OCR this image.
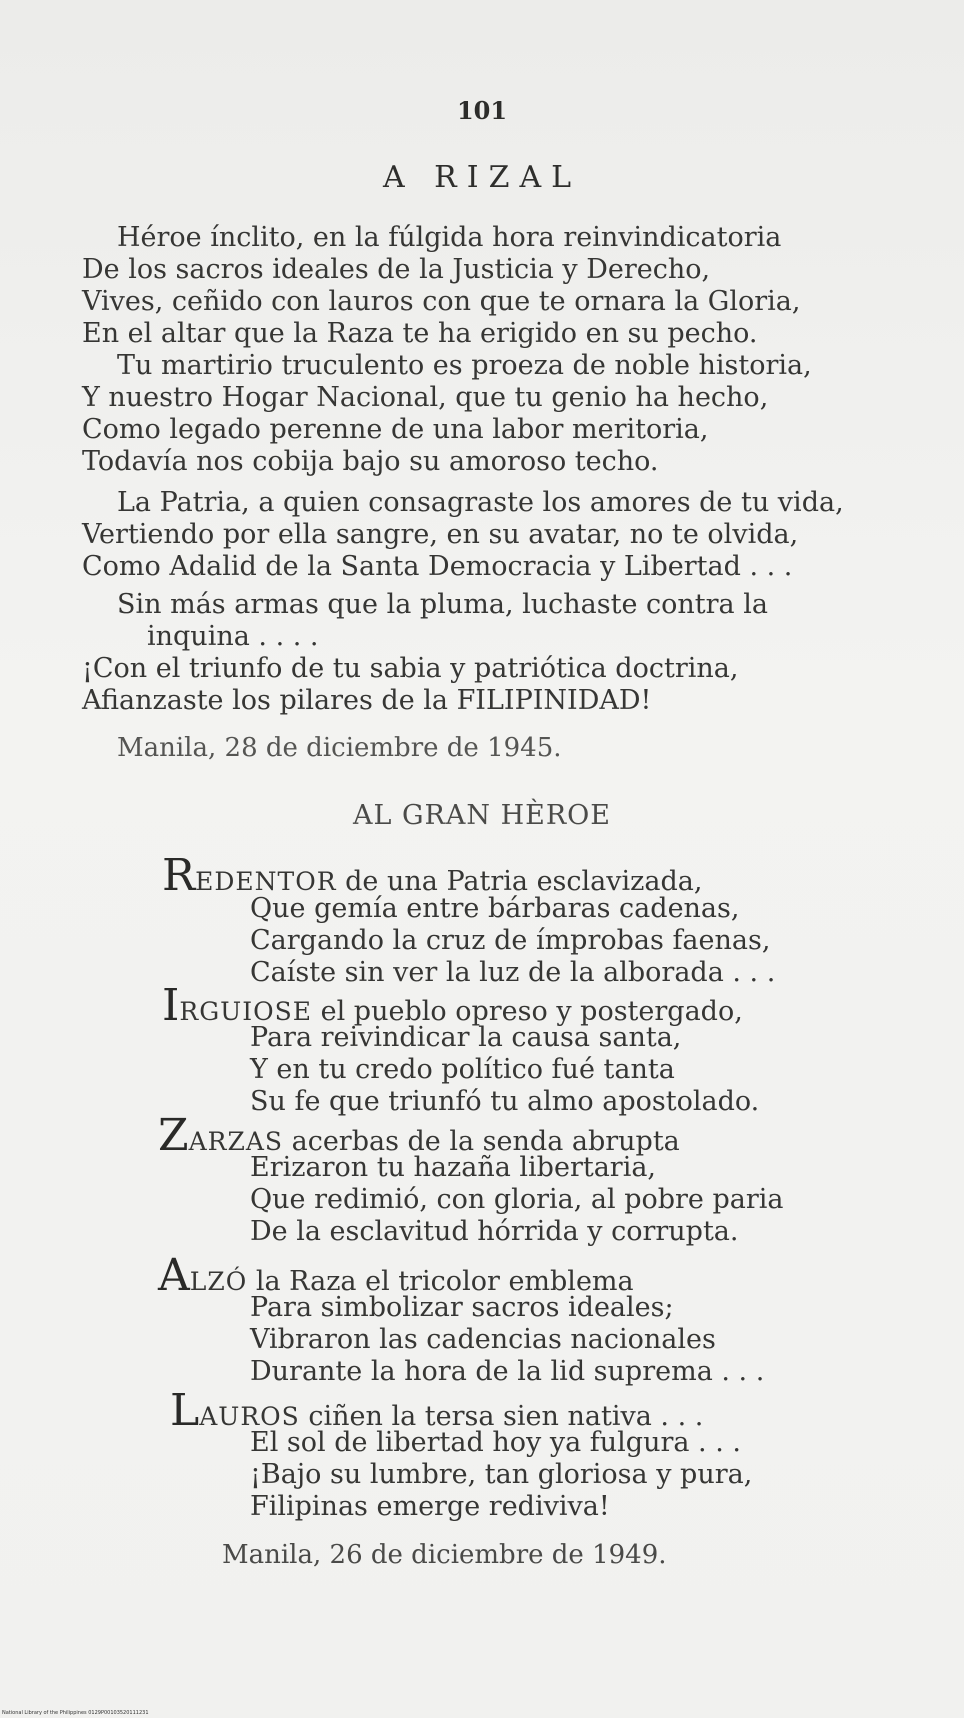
101
A RIZAL
Héroe ínclito, en la fúlgida hora reinvindicatoria
De los sacros ideales de la Justicia y Derecho,
Vives, ceñido con lauros con que te ornara la Gloria,
En el altar que la Raza te ha erigido en su pecho.
Tu martirio truculento es proeza de noble historia,
Y nuestro Hogar Nacional, que tu genio ha hecho,
Como legado perenne de una labor meritoria,
Todavía nos cobija bajo su amoroso techo.
La Patria, a quien consagraste los amores de tu vida,
Vertiendo por ella sangre, en su avatar, no te olvida,
Como Adalid de la Santa Democracia y Libertad . . .
Sin más armas que la pluma, luchaste contra la
inquina . . . .
¡Con el triunfo de tu sabia y patriótica doctrina,
Afianzaste los pilares de la FILIPINIDAD!
Manila, 28 de diciembre de 1945.
AL GRAN HÈROE
REDENTOR de una Patria esclavizada,
Que gemía entre bárbaras cadenas,
Cargando la cruz de ímprobas faenas,
Caíste sin ver la luz de la alborada . . .
IRGUIOSE el pueblo opreso y postergado,
Para reivindicar la causa santa,
Y en tu credo político fué tanta
Su fe que triunfó tu almo apostolado.
ZARZAS acerbas de la senda abrupta
Erizaron tu hazaña libertaria,
Que redimió, con gloria, al pobre paria
De la esclavitud hórrida y corrupta.
ALZÓ la Raza el tricolor emblema
Para simbolizar sacros ideales;
Vibraron las cadencias nacionales
Durante la hora de la lid suprema . . .
LAUROS ciñen la tersa sien nativa . . .
El sol de libertad hoy ya fulgura . . .
¡Bajo su lumbre, tan gloriosa y pura,
Filipinas emerge rediviva!
Manila, 26 de diciembre de 1949.
National Library of the Philippines 0129P00103520111231
